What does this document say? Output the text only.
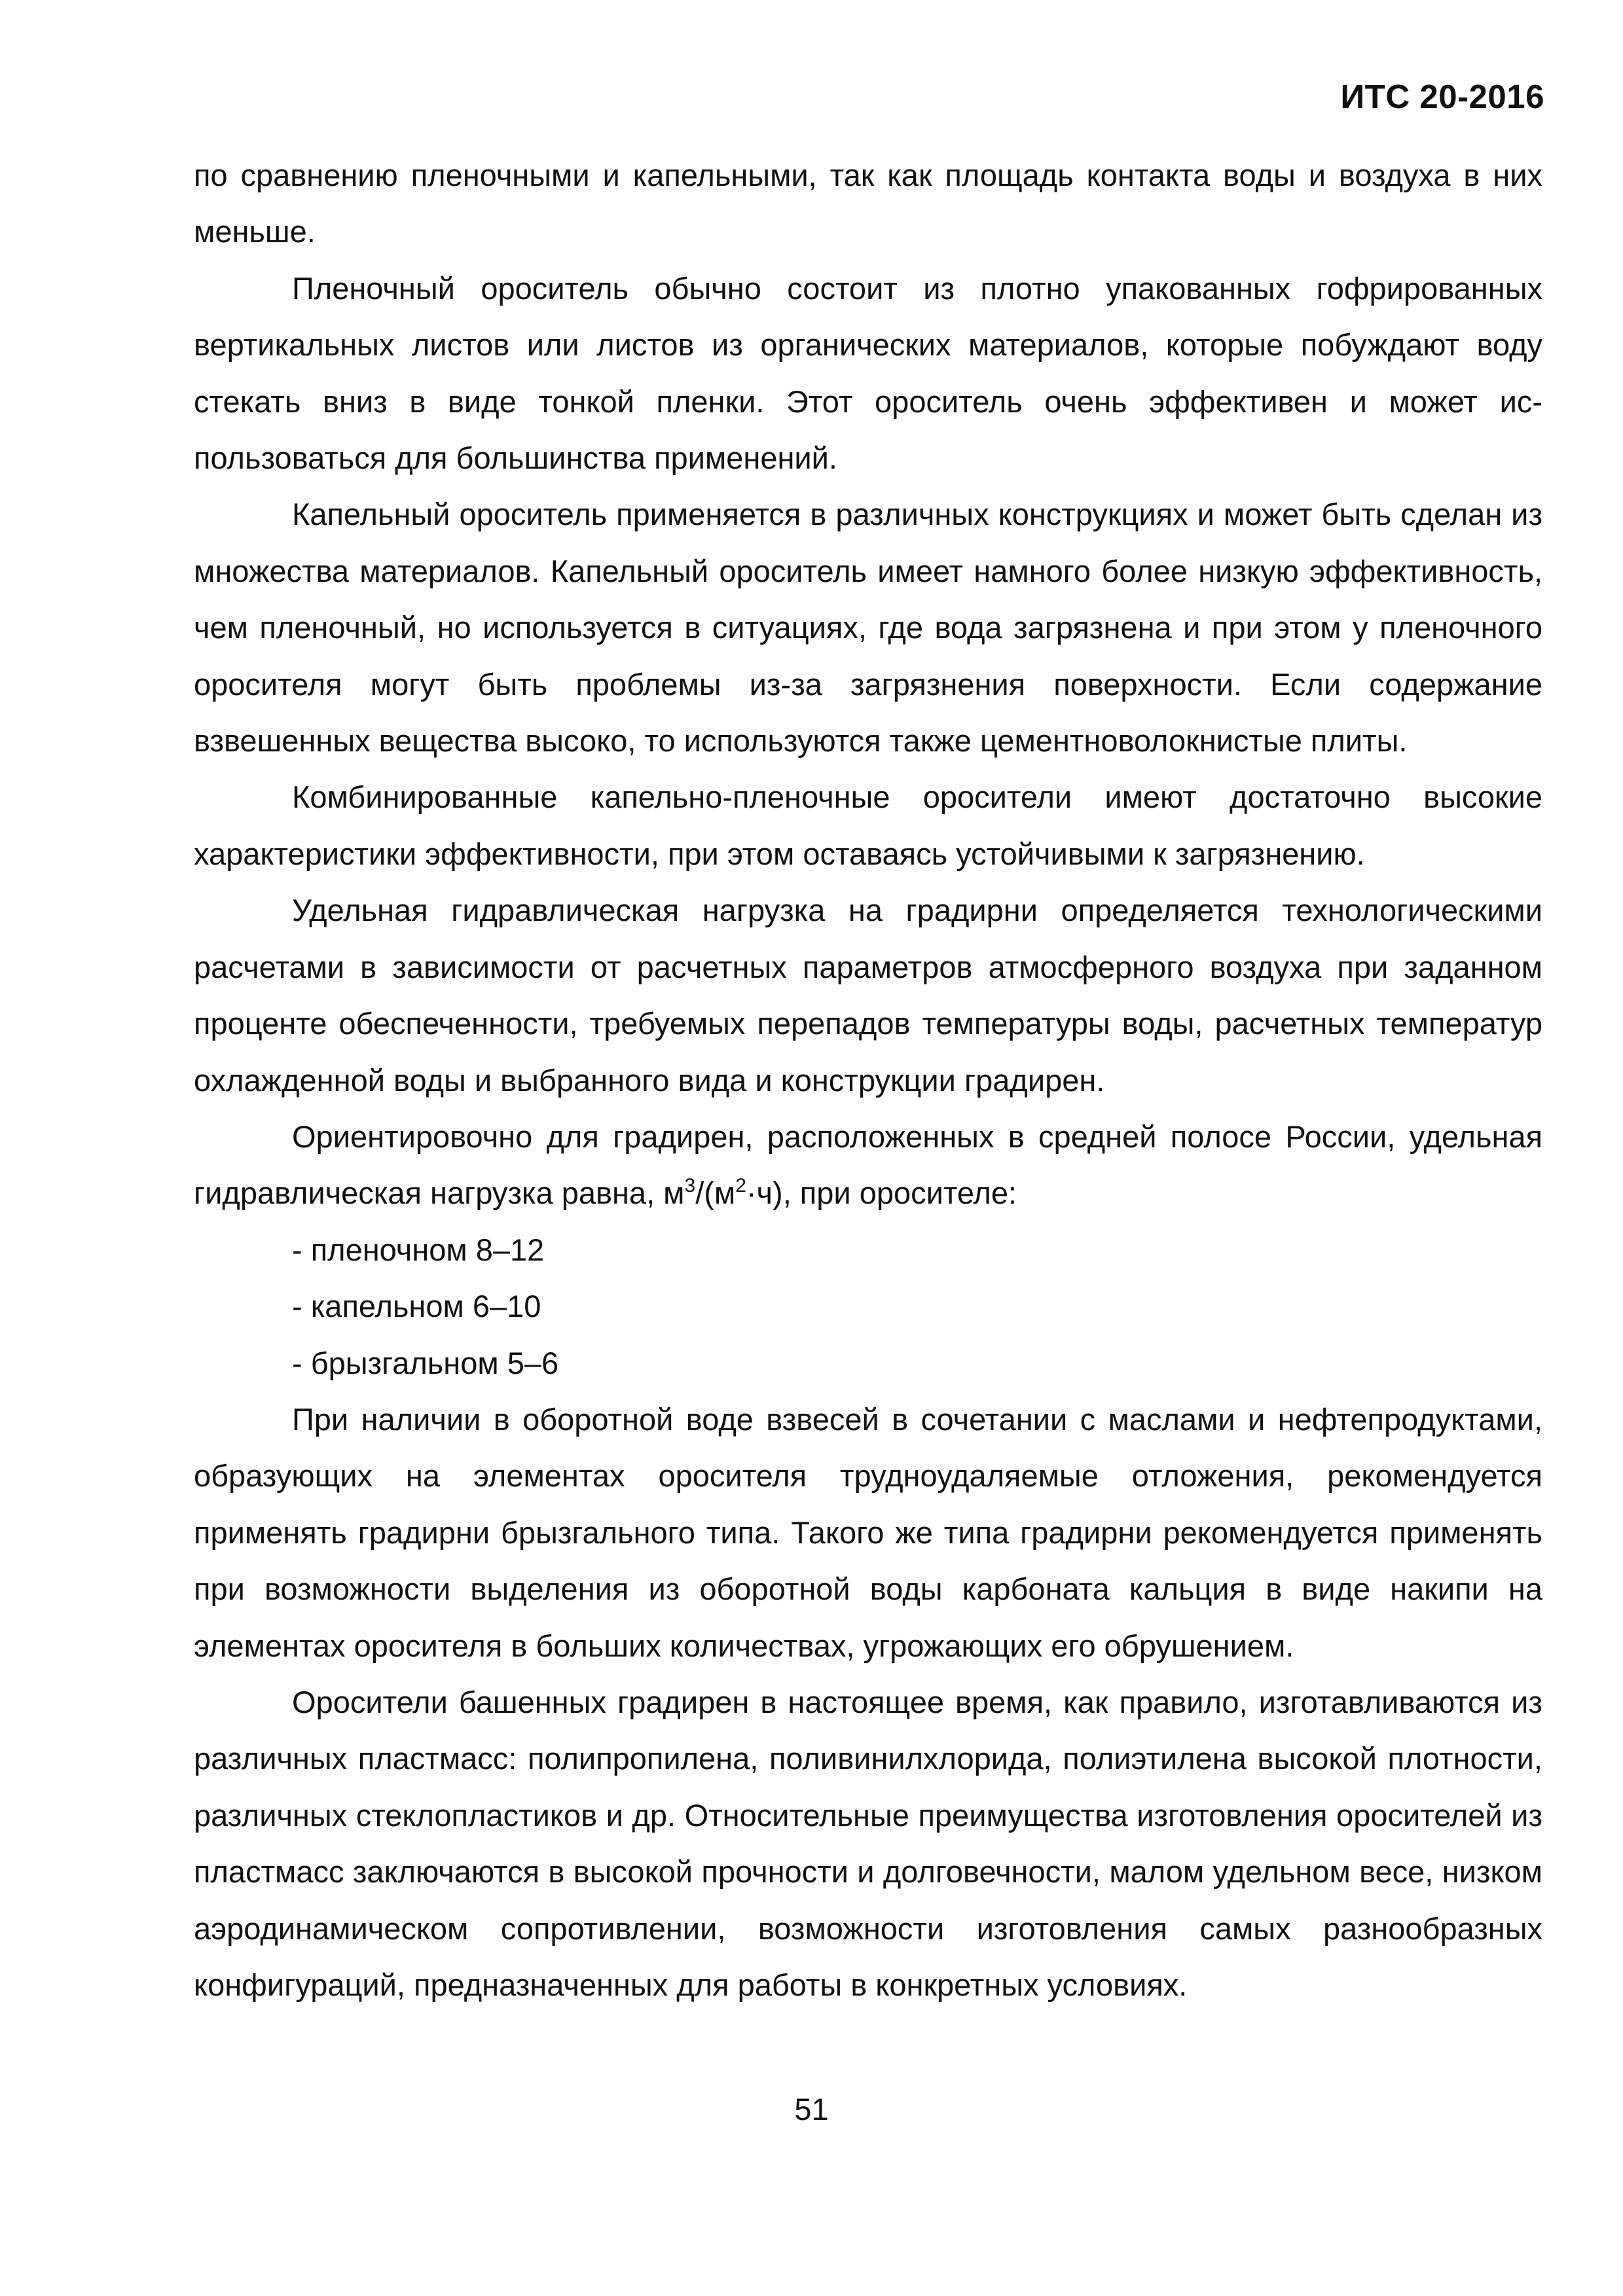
ИТС 20-2016

по сравнению пленочными и капельными, так как площадь контакта воды и воздуха в них меньше.

Пленочный ороситель обычно состоит из плотно упакованных гофрированных вертикальных листов или листов из органических материалов, которые побуждают воду стекать вниз в виде тонкой пленки. Этот ороситель очень эффективен и может использоваться для большинства применений.

Капельный ороситель применяется в различных конструкциях и может быть сделан из множества материалов. Капельный ороситель имеет намного более низкую эффективность, чем пленочный, но используется в ситуациях, где вода загрязнена и при этом у пленочного оросителя могут быть проблемы из-за загрязнения поверхности. Если содержание взвешенных вещества высоко, то используются также цементноволокнистые плиты.

Комбинированные капельно-пленочные оросители имеют достаточно высокие характеристики эффективности, при этом оставаясь устойчивыми к загрязнению.

Удельная гидравлическая нагрузка на градирни определяется технологическими расчетами в зависимости от расчетных параметров атмосферного воздуха при заданном проценте обеспеченности, требуемых перепадов температуры воды, расчетных температур охлажденной воды и выбранного вида и конструкции градирен.

Ориентировочно для градирен, расположенных в средней полосе России, удельная гидравлическая нагрузка равна, $м^3/(м^2\cdot ч)$, при оросителе:

- пленочном 8–12

- капельном 6–10

- брызгальном 5–6

При наличии в оборотной воде взвесей в сочетании с маслами и нефтепродуктами, образующих на элементах оросителя трудноудаляемые отложения, рекомендуется применять градирни брызгального типа. Такого же типа градирни рекомендуется применять при возможности выделения из оборотной воды карбоната кальция в виде накипи на элементах оросителя в больших количествах, угрожающих его обрушением.

Оросители башенных градирен в настоящее время, как правило, изготавливаются из различных пластмасс: полипропилена, поливинилхлорида, полиэтилена высокой плотности, различных стеклопластиков и др. Относительные преимущества изготовления оросителей из пластмасс заключаются в высокой прочности и долговечности, малом удельном весе, низком аэродинамическом сопротивлении, возможности изготовления самых разнообразных конфигураций, предназначенных для работы в конкретных условиях.

51
